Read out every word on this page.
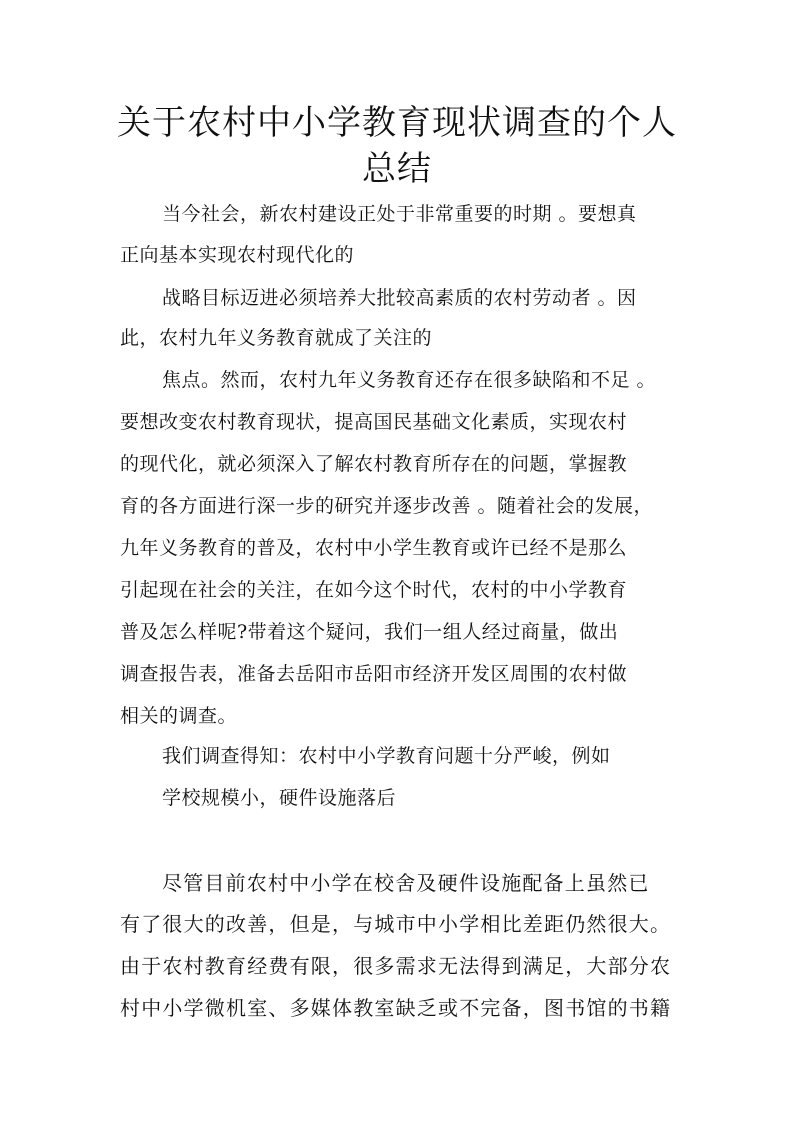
关于农村中小学教育现状调查的个人总结
当今社会，新农村建设正处于非常重要的时期 。要想真
正向基本实现农村现代化的
战略目标迈进必须培养大批较高素质的农村劳动者 。因
此，农村九年义务教育就成了关注的
焦点。然而，农村九年义务教育还存在很多缺陷和不足 。
要想改变农村教育现状，提高国民基础文化素质，实现农村
的现代化，就必须深入了解农村教育所存在的问题，掌握教
育的各方面进行深一步的研究并逐步改善 。随着社会的发展，
九年义务教育的普及，农村中小学生教育或许已经不是那么
引起现在社会的关注，在如今这个时代，农村的中小学教育
普及怎么样呢?带着这个疑问，我们一组人经过商量，做出
调查报告表，准备去岳阳市岳阳市经济开发区周围的农村做
相关的调查。
我们调查得知：农村中小学教育问题十分严峻，例如
学校规模小，硬件设施落后
尽管目前农村中小学在校舍及硬件设施配备上虽然已
有了很大的改善，但是，与城市中小学相比差距仍然很大。
由于农村教育经费有限，很多需求无法得到满足，大部分农
村中小学微机室、多媒体教室缺乏或不完备，图书馆的书籍
